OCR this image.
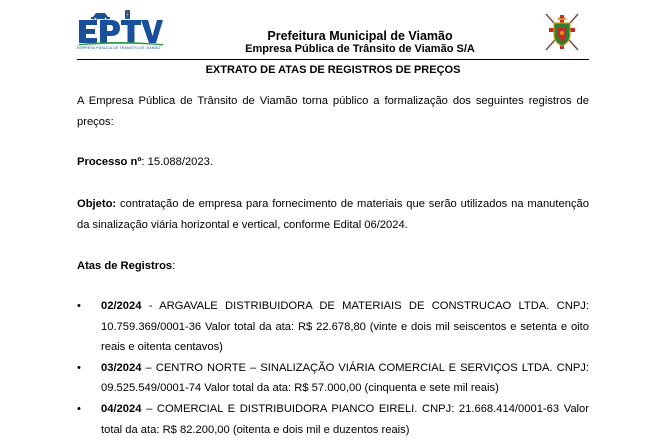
EMPRESA PÚBLICA DE TRÂNSITO DE VIAMÃO
Prefeitura Municipal de Viamão
Empresa Pública de Trânsito de Viamão S/A
EXTRATO DE ATAS DE REGISTROS DE PREÇOS
A Empresa Pública de Trânsito de Viamão torna público a formalização dos seguintes registros de preços:
Processo nº: 15.088/2023.
Objeto: contratação de empresa para fornecimento de materiais que serão utilizados na manutenção da sinalização viária horizontal e vertical, conforme Edital 06/2024.
Atas de Registros:
•	02/2024 - ARGAVALE DISTRIBUIDORA DE MATERIAIS DE CONSTRUCAO LTDA. CNPJ: 10.759.369/0001-36 Valor total da ata: R$ 22.678,80 (vinte e dois mil seiscentos e setenta e oito reais e oitenta centavos)
•	03/2024 – CENTRO NORTE – SINALIZAÇÃO VIÁRIA COMERCIAL E SERVIÇOS LTDA. CNPJ: 09.525.549/0001-74 Valor total da ata: R$ 57.000,00 (cinquenta e sete mil reais)
•	04/2024 – COMERCIAL E DISTRIBUIDORA PIANCO EIRELI. CNPJ: 21.668.414/0001-63 Valor total da ata: R$ 82.200,00 (oitenta e dois mil e duzentos reais)
